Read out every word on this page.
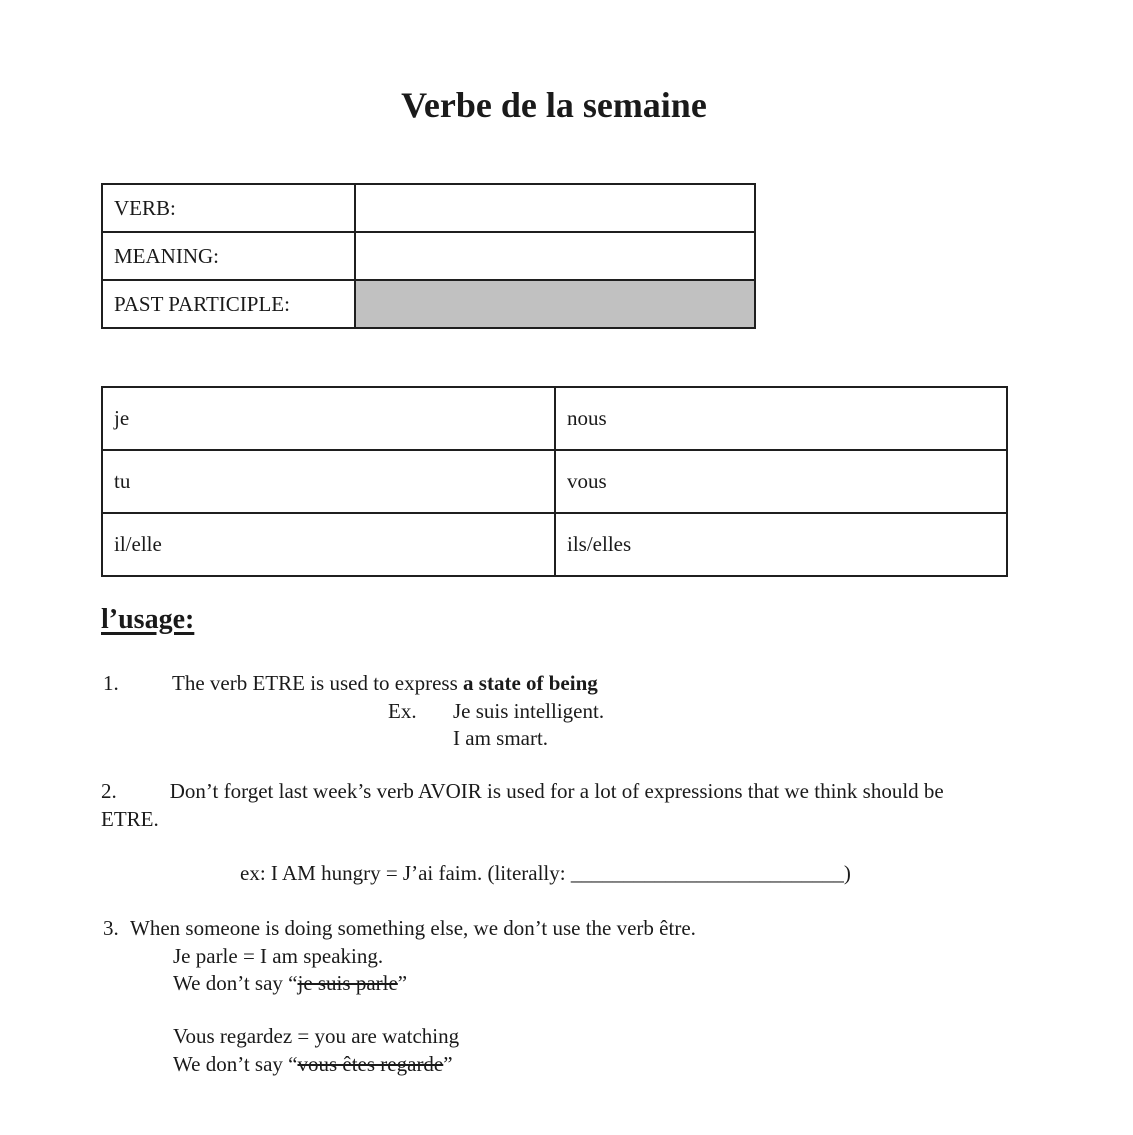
Verbe de la semaine
VERB:	
MEANING:	
PAST PARTICIPLE:	
je	nous
tu	vous
il/elle	ils/elles
l’usage:
1.	The verb ETRE is used to express a state of being
Ex. Je suis intelligent.
I am smart.
2.	Don’t forget last week’s verb AVOIR is used for a lot of expressions that we think should be ETRE.
ex: I AM hungry = J’ai faim. (literally: __________________________)
3. When someone is doing something else, we don’t use the verb être.
Je parle = I am speaking.
We don’t say “je suis parle”
Vous regardez = you are watching
We don’t say “vous êtes regarde”
